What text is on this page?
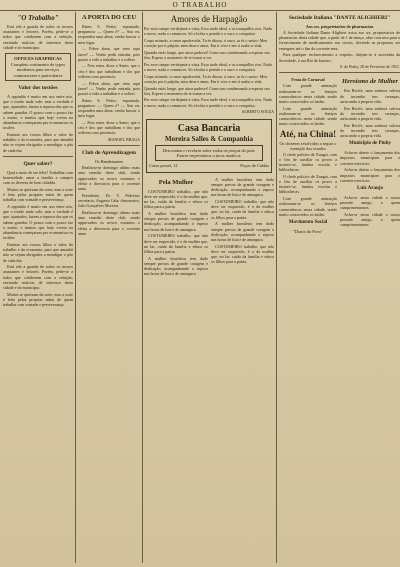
O TRABALHO
"O Trabalho"

Está sob a guarda de todos os nossos assinantes e leitores. Porém, pede-se a todos que colaborem com a redação, enviando noticias de interesse desta cidade e do municipio.

OFFICES GRAPHICAS
Completo sortimento de typos modernos para serviços commerciaes e particulares
Valor dos tostões

A oppinião é muito em uso entre nós, que o tostão nada vale; mas a verdade é que, ajuntados, fazem a riqueza dos que os sabem guardar. O pouco com o pouco faz o muito, e muitos que hoje vivem na abundancia começaram por economisar os tostões.

Ensinae aos vossos filhos o valor do trabalho e da economia, para que amanhã não se vejam obrigados a mendigar o pão de cada dia.

Quer saber?

Qual o meio de ser feliz? Trabalhar com honestidade, amar a familia e cumprir com os deveres de bom cidadão.

Muitos se queixam da sorte, mas a sorte é feita pelas proprias mãos de quem trabalha com vontade e perseverança.

A oppinião é muito em uso entre nós, que o tostão nada vale; mas a verdade é que, ajuntados, fazem a riqueza dos que os sabem guardar. O pouco com o pouco faz o muito, e muitos que hoje vivem na abundancia começaram por economisar os tostões.

Ensinae aos vossos filhos o valor do trabalho e da economia, para que amanhã não se vejam obrigados a mendigar o pão de cada dia.

Está sob a guarda de todos os nossos assinantes e leitores. Porém, pede-se a todos que colaborem com a redação, enviando noticias de interesse desta cidade e do municipio.

Muitos se queixam da sorte, mas a sorte é feita pelas proprias mãos de quem trabalha com vontade e perseverança.

A PORTA DO CEU

Bateu S. Pedro, espantado, perguntou: — Quem é? — Sou eu, respondeu uma alma, venho buscar o meu logar.

— Pobre alma, que vens aqui fazer? — Venho pedir entrada, pois passei a vida a trabalhar e a soffrer.

— Pois entra, disse o Santo, que o céu é dos que trabalham e dos que soffrem com paciencia.

— Pobre alma, que vens aqui fazer? — Venho pedir entrada, pois passei a vida a trabalhar e a soffrer.

Bateu S. Pedro, espantado, perguntou: — Quem é? — Sou eu, respondeu uma alma, venho buscar o meu logar.

— Pois entra, disse o Santo, que o céu é dos que trabalham e dos que soffrem com paciencia.

MANOEL BRAGA
Club de Aprendizagem
Os Bandeirantes

Realizou-se domingo ultimo mais uma reunião deste club, sendo approvados os novos estatutos e eleita a directoria para o corrente anno.

Presidente, Dr. V. Pedreira; secretario, Augusto Cala; thesoureiro, João Gonçalves Moreira.

Realizou-se domingo ultimo mais uma reunião deste club, sendo approvados os novos estatutos e eleita a directoria para o corrente anno.

Amores de Harpagão

Por esse campo verdejante a vista, Essa tarde ideal, e os tranquillos rios, Nada o move, nada o commove, Só a bolsa o prende e o ouro o conquista.

Corpo minado, a carne apodrecida, Tu és ditoso, ó ouro, tu és o unico: Meu coração por ti palpita, meu deus e amor, Em ti vivo e em ti acabo a vida.

Quando estás longe, que atroz padecer! Como um condemnado a esperar seu fim, Espero o momento de te tornar a ver.

Por esse campo verdejante a vista, Essa tarde ideal, e os tranquillos rios, Nada o move, nada o commove, Só a bolsa o prende e o ouro o conquista.

Corpo minado, a carne apodrecida, Tu és ditoso, ó ouro, tu és o unico: Meu coração por ti palpita, meu deus e amor, Em ti vivo e em ti acabo a vida.

Quando estás longe, que atroz padecer! Como um condemnado a esperar seu fim, Espero o momento de te tornar a ver.

Por esse campo verdejante a vista, Essa tarde ideal, e os tranquillos rios, Nada o move, nada o commove, Só a bolsa o prende e o ouro o conquista.

ALBERTO SOUZA
Casa Bancaria
Moreira Salles & Companhia
Descontam e recebem sobre todas as praças do paiz. Fazem emprestimos a juros modicos.
Caixa postal, 12	Poços de Caldas
Pela Mulher

COSTUMEIRO trabalho, que não deve ser esquecido, é o da mulher que, no lar, cuida da familia e educa os filhos para a patria.

A mulher brasileira tem dado sempre provas de grande coragem e dedicação, acompanhando o esposo nas horas de luta e de amargura.

COSTUMEIRO trabalho, que não deve ser esquecido, é o da mulher que, no lar, cuida da familia e educa os filhos para a patria.

A mulher brasileira tem dado sempre provas de grande coragem e dedicação, acompanhando o esposo nas horas de luta e de amargura.

A mulher brasileira tem dado sempre provas de grande coragem e dedicação, acompanhando o esposo nas horas de luta e de amargura.

COSTUMEIRO trabalho, que não deve ser esquecido, é o da mulher que, no lar, cuida da familia e educa os filhos para a patria.

A mulher brasileira tem dado sempre provas de grande coragem e dedicação, acompanhando o esposo nas horas de luta e de amargura.

COSTUMEIRO trabalho, que não deve ser esquecido, é o da mulher que, no lar, cuida da familia e educa os filhos para a patria.

Sociedade Italiana "DANTE ALIGHIERI"
Aos srs. proprietarios de pharmacias

A Sociedade Italiana Dante Alighieri avisa aos srs. proprietarios de pharmacias desta cidade que, a partir de 1 de março, abre concurso para o fornecimento de medicamentos aos socios, devendo as propostas ser entregues até o fim do corrente mez.

Para qualquer esclarecimento a respeito, dirijam-se á secretaria da Sociedade, á rua Rio de Janeiro.

S. de Piuhy, 28 de Fevereiro de 1921.
Festa de Carnaval

Com grande animação realizaram-se os festejos carnavalescos nesta cidade, sendo muito concorridos os bailes.

Com grande animação realizaram-se os festejos carnavalescos nesta cidade, sendo muito concorridos os bailes.

Até, na China!
Os chineses resolvidos a seguir o exemplo dos estados

O chefe politico de Xangai, com o fim de auxiliar os povos a instruir-se, fundou escolas e bibliothecas.

O chefe politico de Xangai, com o fim de auxiliar os povos a instruir-se, fundou escolas e bibliothecas.

Com grande animação realizaram-se os festejos carnavalescos nesta cidade, sendo muito concorridos os bailes.

Movimento Social
"Diario do Povo"
Heroismo de Mulher

Em Recife, uma senhora salvou do incendio tres creanças, arriscando a propria vida.

Em Recife, uma senhora salvou do incendio tres creanças, arriscando a propria vida.

Em Recife, uma senhora salvou do incendio tres creanças, arriscando a propria vida.

Municipio de Piuhy

Acha-se aberto o lançamento dos impostos municipaes para o corrente exercicio.

Acha-se aberto o lançamento dos impostos municipaes para o corrente exercicio.

Luiz Araujo

Acha-se nesta cidade o nosso prezado amigo, a quem cumprimentamos.

Acha-se nesta cidade o nosso prezado amigo, a quem cumprimentamos.
